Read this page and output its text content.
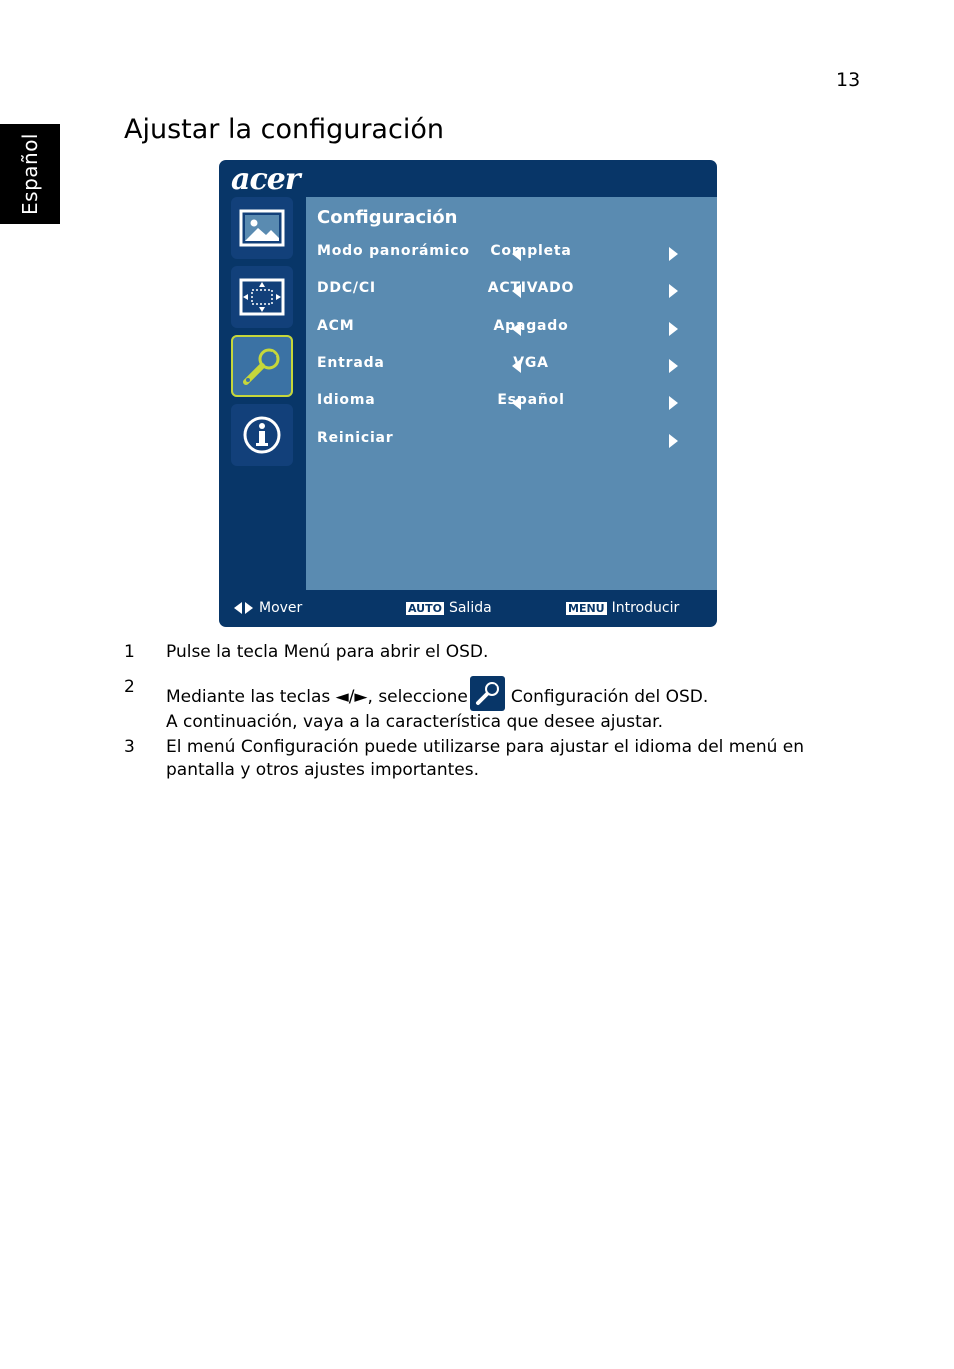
13
Español
Ajustar la configuración
acer
Configuración
Modo panorámico	Completa
DDC/CI	ACTIVADO
ACM	Apagado
Entrada	VGA
Idioma	Español
Reiniciar
Mover	AUTO Salida	MENU Introducir
1 Pulse la tecla Menú para abrir el OSD.
2 Mediante las teclas ◄/►, seleccione	Configuración del OSD.
A continuación, vaya a la característica que desee ajustar.
3 El menú Configuración puede utilizarse para ajustar el idioma del menú en pantalla y otros ajustes importantes.
